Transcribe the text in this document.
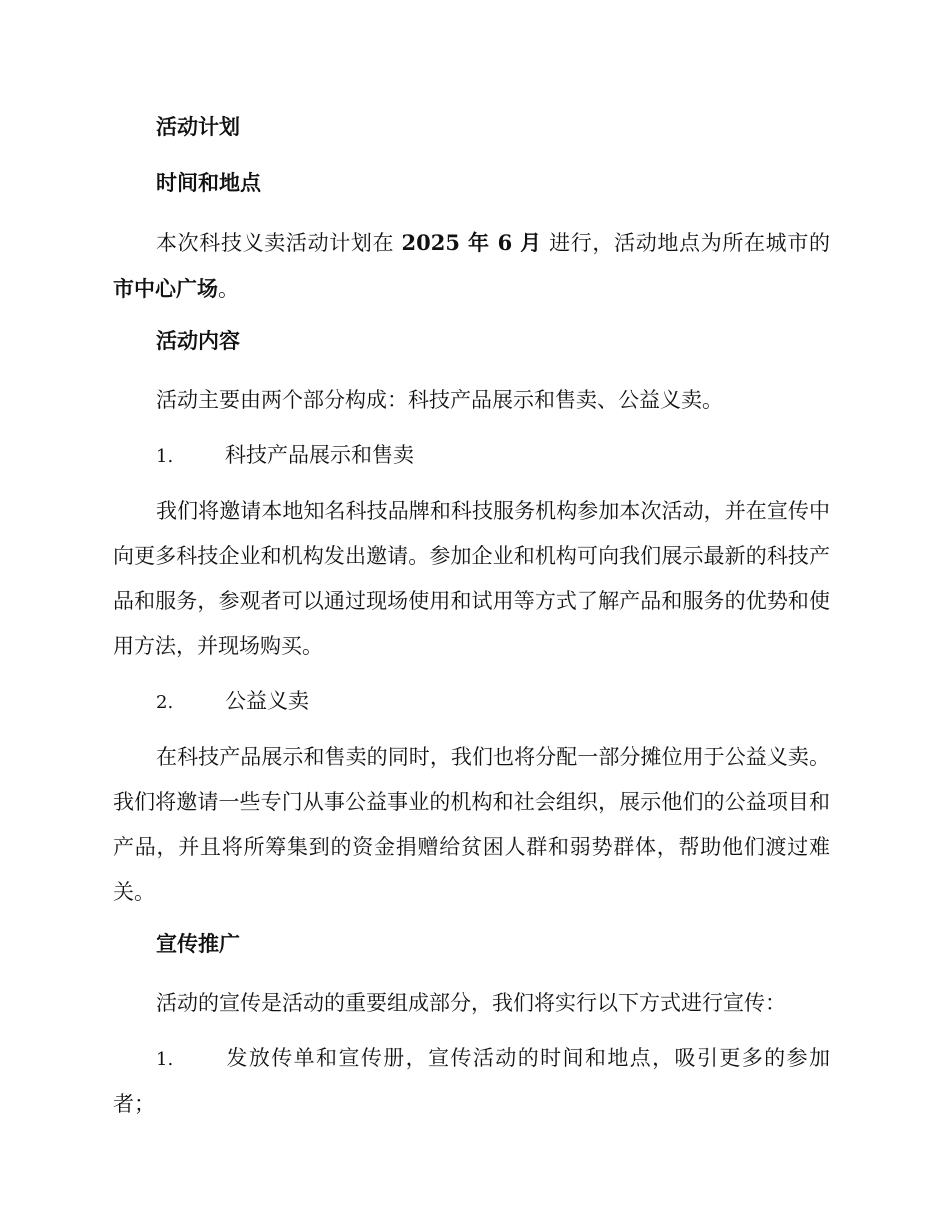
活动计划
时间和地点
本次科技义卖活动计划在 2025 年 6 月 进行，活动地点为所在城市的 市中心广场。
活动内容
活动主要由两个部分构成：科技产品展示和售卖、公益义卖。
1. 科技产品展示和售卖
我们将邀请本地知名科技品牌和科技服务机构参加本次活动，并在宣传中向更多科技企业和机构发出邀请。参加企业和机构可向我们展示最新的科技产品和服务，参观者可以通过现场使用和试用等方式了解产品和服务的优势和使用方法，并现场购买。
2. 公益义卖
在科技产品展示和售卖的同时，我们也将分配一部分摊位用于公益义卖。我们将邀请一些专门从事公益事业的机构和社会组织，展示他们的公益项目和产品，并且将所筹集到的资金捐赠给贫困人群和弱势群体，帮助他们渡过难关。
宣传推广
活动的宣传是活动的重要组成部分，我们将实行以下方式进行宣传：
1. 发放传单和宣传册，宣传活动的时间和地点，吸引更多的参加者；
